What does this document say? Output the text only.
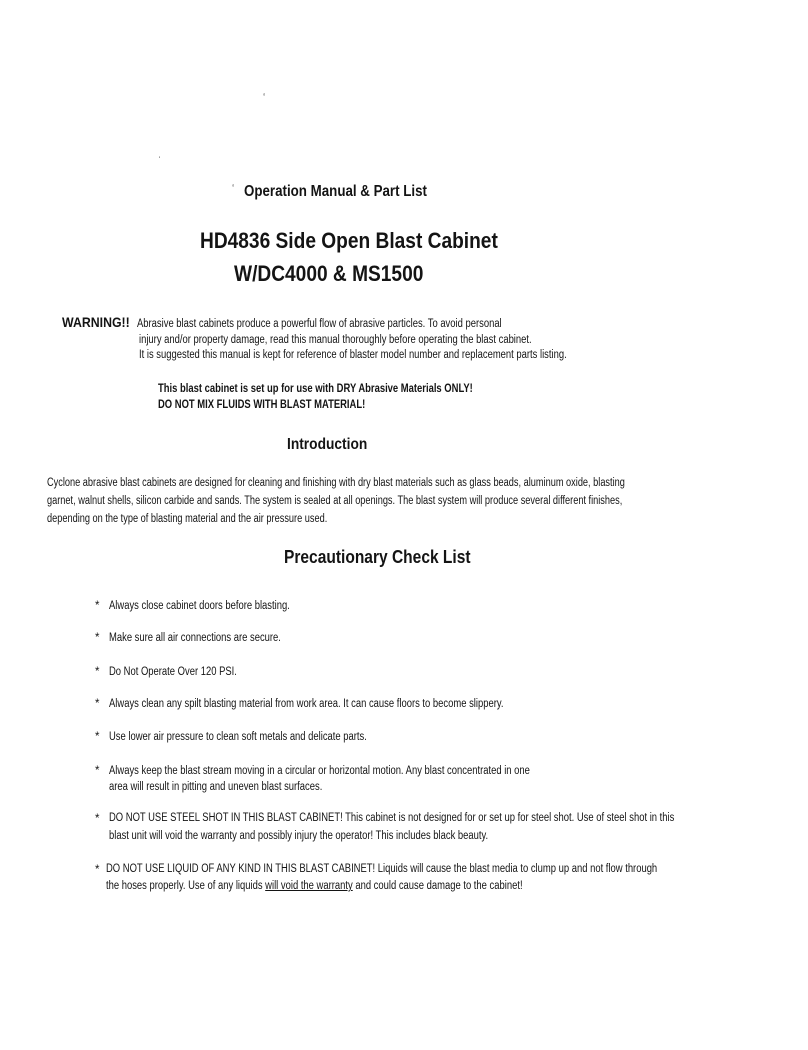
‘
ˌ
‘ Operation Manual & Part List
HD4836 Side Open Blast Cabinet
W/DC4000 & MS1500
WARNING!! Abrasive blast cabinets produce a powerful flow of abrasive particles. To avoid personal
injury and/or property damage, read this manual thoroughly before operating the blast cabinet.
It is suggested this manual is kept for reference of blaster model number and replacement parts listing.
This blast cabinet is set up for use with DRY Abrasive Materials ONLY!
DO NOT MIX FLUIDS WITH BLAST MATERIAL!
Introduction
Cyclone abrasive blast cabinets are designed for cleaning and finishing with dry blast materials such as glass beads, aluminum oxide, blasting
garnet, walnut shells, silicon carbide and sands. The system is sealed at all openings. The blast system will produce several different finishes,
depending on the type of blasting material and the air pressure used.
Precautionary Check List
* Always close cabinet doors before blasting.
* Make sure all air connections are secure.
* Do Not Operate Over 120 PSI.
* Always clean any spilt blasting material from work area. It can cause floors to become slippery.
* Use lower air pressure to clean soft metals and delicate parts.
* Always keep the blast stream moving in a circular or horizontal motion. Any blast concentrated in one
area will result in pitting and uneven blast surfaces.
* DO NOT USE STEEL SHOT IN THIS BLAST CABINET! This cabinet is not designed for or set up for steel shot. Use of steel shot in this
blast unit will void the warranty and possibly injury the operator! This includes black beauty.
* DO NOT USE LIQUID OF ANY KIND IN THIS BLAST CABINET! Liquids will cause the blast media to clump up and not flow through
the hoses properly. Use of any liquids will void the warranty and could cause damage to the cabinet!
